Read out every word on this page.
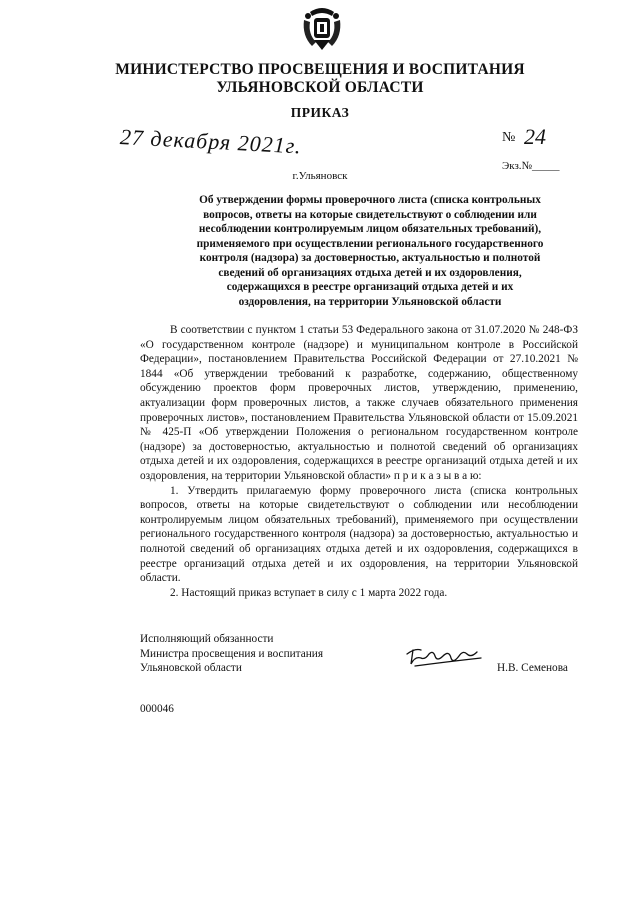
МИНИСТЕРСТВО ПРОСВЕЩЕНИЯ И ВОСПИТАНИЯ
УЛЬЯНОВСКОЙ ОБЛАСТИ
ПРИКАЗ
27 декабря 2021г.	№ 24
Экз.№_____
г.Ульяновск
Об утверждении формы проверочного листа (списка контрольных
вопросов, ответы на которые свидетельствуют о соблюдении или
несоблюдении контролируемым лицом обязательных требований),
применяемого при осуществлении регионального государственного
контроля (надзора) за достоверностью, актуальностью и полнотой
сведений об организациях отдыха детей и их оздоровления,
содержащихся в реестре организаций отдыха детей и их
оздоровления, на территории Ульяновской области

В соответствии с пунктом 1 статьи 53 Федерального закона от 31.07.2020 № 248-ФЗ «О государственном контроле (надзоре) и муниципальном контроле в Российской Федерации», постановлением Правительства Российской Федерации от 27.10.2021 № 1844 «Об утверждении требований к разработке, содержанию, общественному обсуждению проектов форм проверочных листов, утверждению, применению, актуализации форм проверочных листов, а также случаев обязательного применения проверочных листов», постановлением Правительства Ульяновской области от 15.09.2021 № 425-П «Об утверждении Положения о региональном государственном контроле (надзоре) за достоверностью, актуальностью и полнотой сведений об организациях отдыха детей и их оздоровления, содержащихся в реестре организаций отдыха детей и их оздоровления, на территории Ульяновской области» п р и к а з ы в а ю:

1. Утвердить прилагаемую форму проверочного листа (списка контрольных вопросов, ответы на которые свидетельствуют о соблюдении или несоблюдении контролируемым лицом обязательных требований), применяемого при осуществлении регионального государственного контроля (надзора) за достоверностью, актуальностью и полнотой сведений об организациях отдыха детей и их оздоровления, содержащихся в реестре организаций отдыха детей и их оздоровления, на территории Ульяновской области.

2. Настоящий приказ вступает в силу с 1 марта 2022 года.

Исполняющий обязанности
Министра просвещения и воспитания
Ульяновской области	Н.В. Семенова
000046
